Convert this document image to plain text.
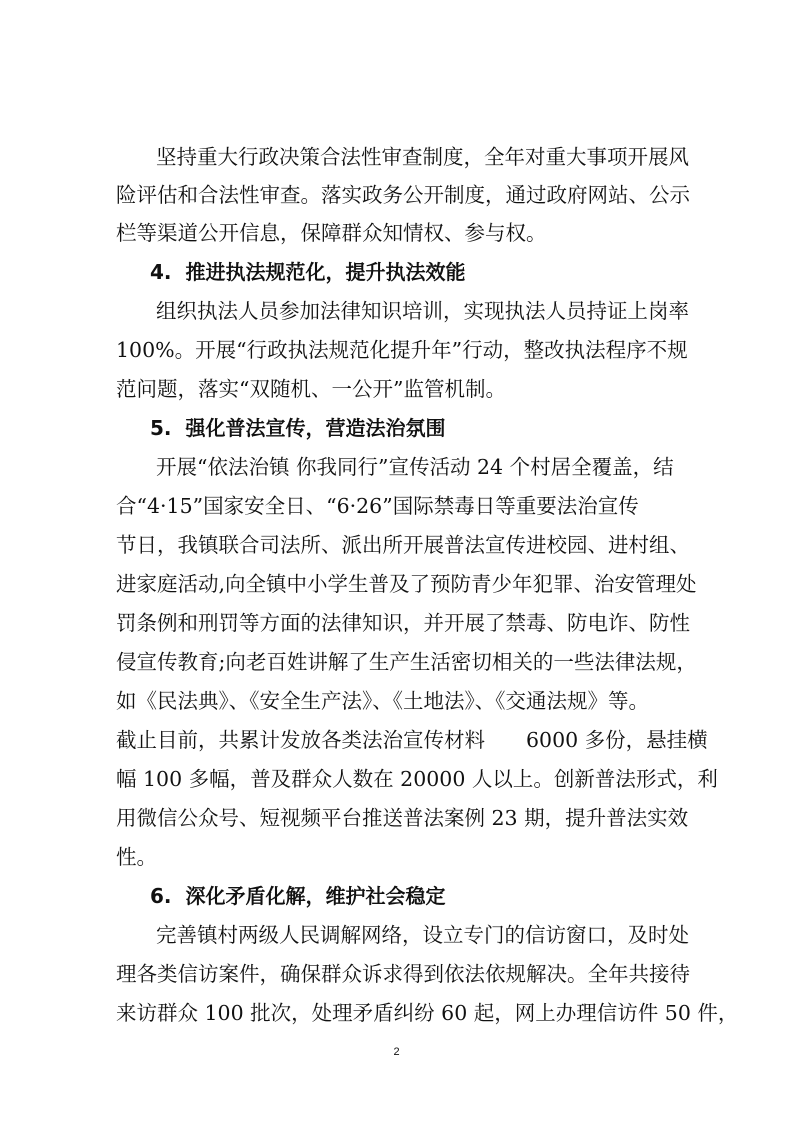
坚持重大行政决策合法性审查制度，全年对重大事项开展风
险评估和合法性审查。落实政务公开制度，通过政府网站、公示
栏等渠道公开信息，保障群众知情权、参与权。
4. 推进执法规范化，提升执法效能
组织执法人员参加法律知识培训，实现执法人员持证上岗率
100%。开展“行政执法规范化提升年”行动，整改执法程序不规
范问题，落实“双随机、一公开”监管机制。
5. 强化普法宣传，营造法治氛围
开展“依法治镇 你我同行”宣传活动 24 个村居全覆盖，结
合“4·15”国家安全日、“6·26”国际禁毒日等重要法治宣传
节日，我镇联合司法所、派出所开展普法宣传进校园、进村组、
进家庭活动,向全镇中小学生普及了预防青少年犯罪、治安管理处
罚条例和刑罚等方面的法律知识，并开展了禁毒、防电诈、防性
侵宣传教育;向老百姓讲解了生产生活密切相关的一些法律法规，
如《民法典》、《安全生产法》、《土地法》、《交通法规》等。
截止目前，共累计发放各类法治宣传材料　　6000 多份，悬挂横
幅 100 多幅，普及群众人数在 20000 人以上。创新普法形式，利
用微信公众号、短视频平台推送普法案例 23 期，提升普法实效
性。
6. 深化矛盾化解，维护社会稳定
完善镇村两级人民调解网络，设立专门的信访窗口，及时处
理各类信访案件，确保群众诉求得到依法依规解决。全年共接待
来访群众 100 批次，处理矛盾纠纷 60 起，网上办理信访件 50 件，
2
